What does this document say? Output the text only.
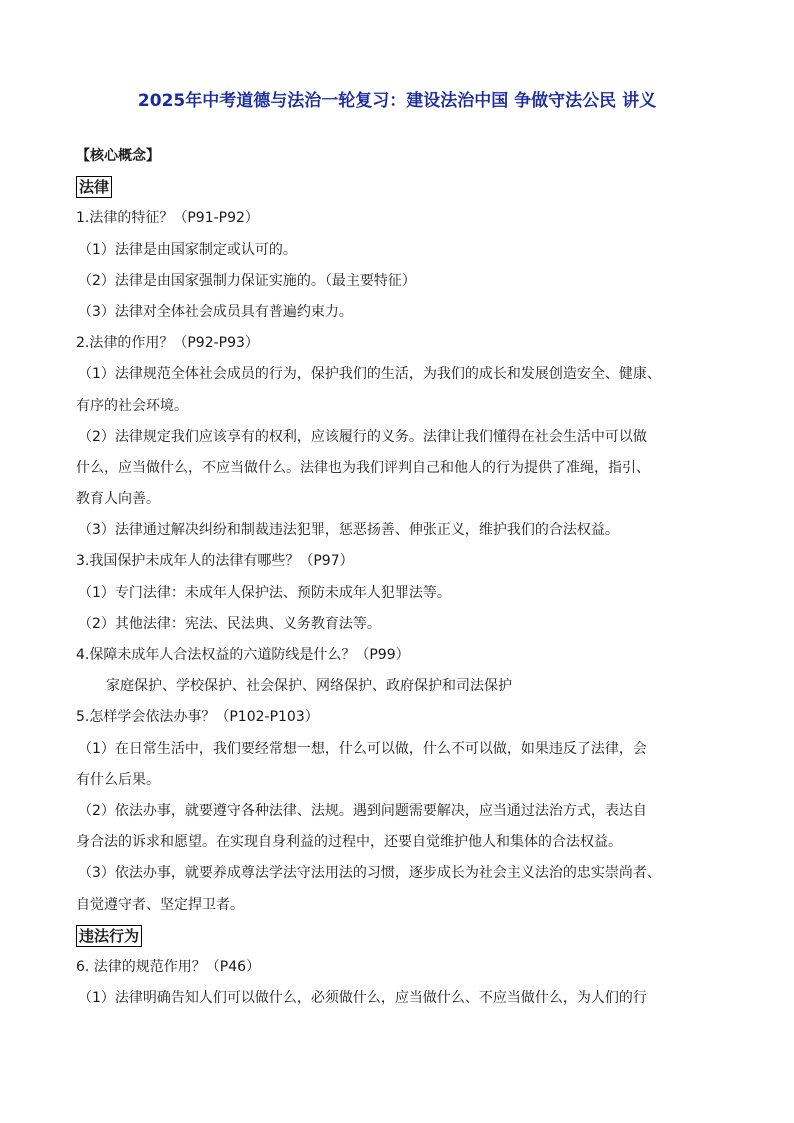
2025年中考道德与法治一轮复习：建设法治中国 争做守法公民 讲义
【核心概念】
法律
1.法律的特征？（P91-P92）
（1）法律是由国家制定或认可的。
（2）法律是由国家强制力保证实施的。（最主要特征）
（3）法律对全体社会成员具有普遍约束力。
2.法律的作用？（P92-P93）
（1）法律规范全体社会成员的行为，保护我们的生活，为我们的成长和发展创造安全、健康、
有序的社会环境。
（2）法律规定我们应该享有的权利，应该履行的义务。法律让我们懂得在社会生活中可以做
什么，应当做什么，不应当做什么。法律也为我们评判自己和他人的行为提供了准绳，指引、
教育人向善。
（3）法律通过解决纠纷和制裁违法犯罪，惩恶扬善、伸张正义，维护我们的合法权益。
3.我国保护未成年人的法律有哪些？（P97）
（1）专门法律：未成年人保护法、预防未成年人犯罪法等。
（2）其他法律：宪法、民法典、义务教育法等。
4.保障未成年人合法权益的六道防线是什么？（P99）
家庭保护、学校保护、社会保护、网络保护、政府保护和司法保护
5.怎样学会依法办事？（P102-P103）
（1）在日常生活中，我们要经常想一想，什么可以做，什么不可以做，如果违反了法律，会
有什么后果。
（2）依法办事，就要遵守各种法律、法规。遇到问题需要解决，应当通过法治方式，表达自
身合法的诉求和愿望。在实现自身利益的过程中，还要自觉维护他人和集体的合法权益。
（3）依法办事，就要养成尊法学法守法用法的习惯，逐步成长为社会主义法治的忠实崇尚者、
自觉遵守者、坚定捍卫者。
违法行为
6. 法律的规范作用？（P46）
（1）法律明确告知人们可以做什么，必须做什么，应当做什么、不应当做什么，为人们的行
